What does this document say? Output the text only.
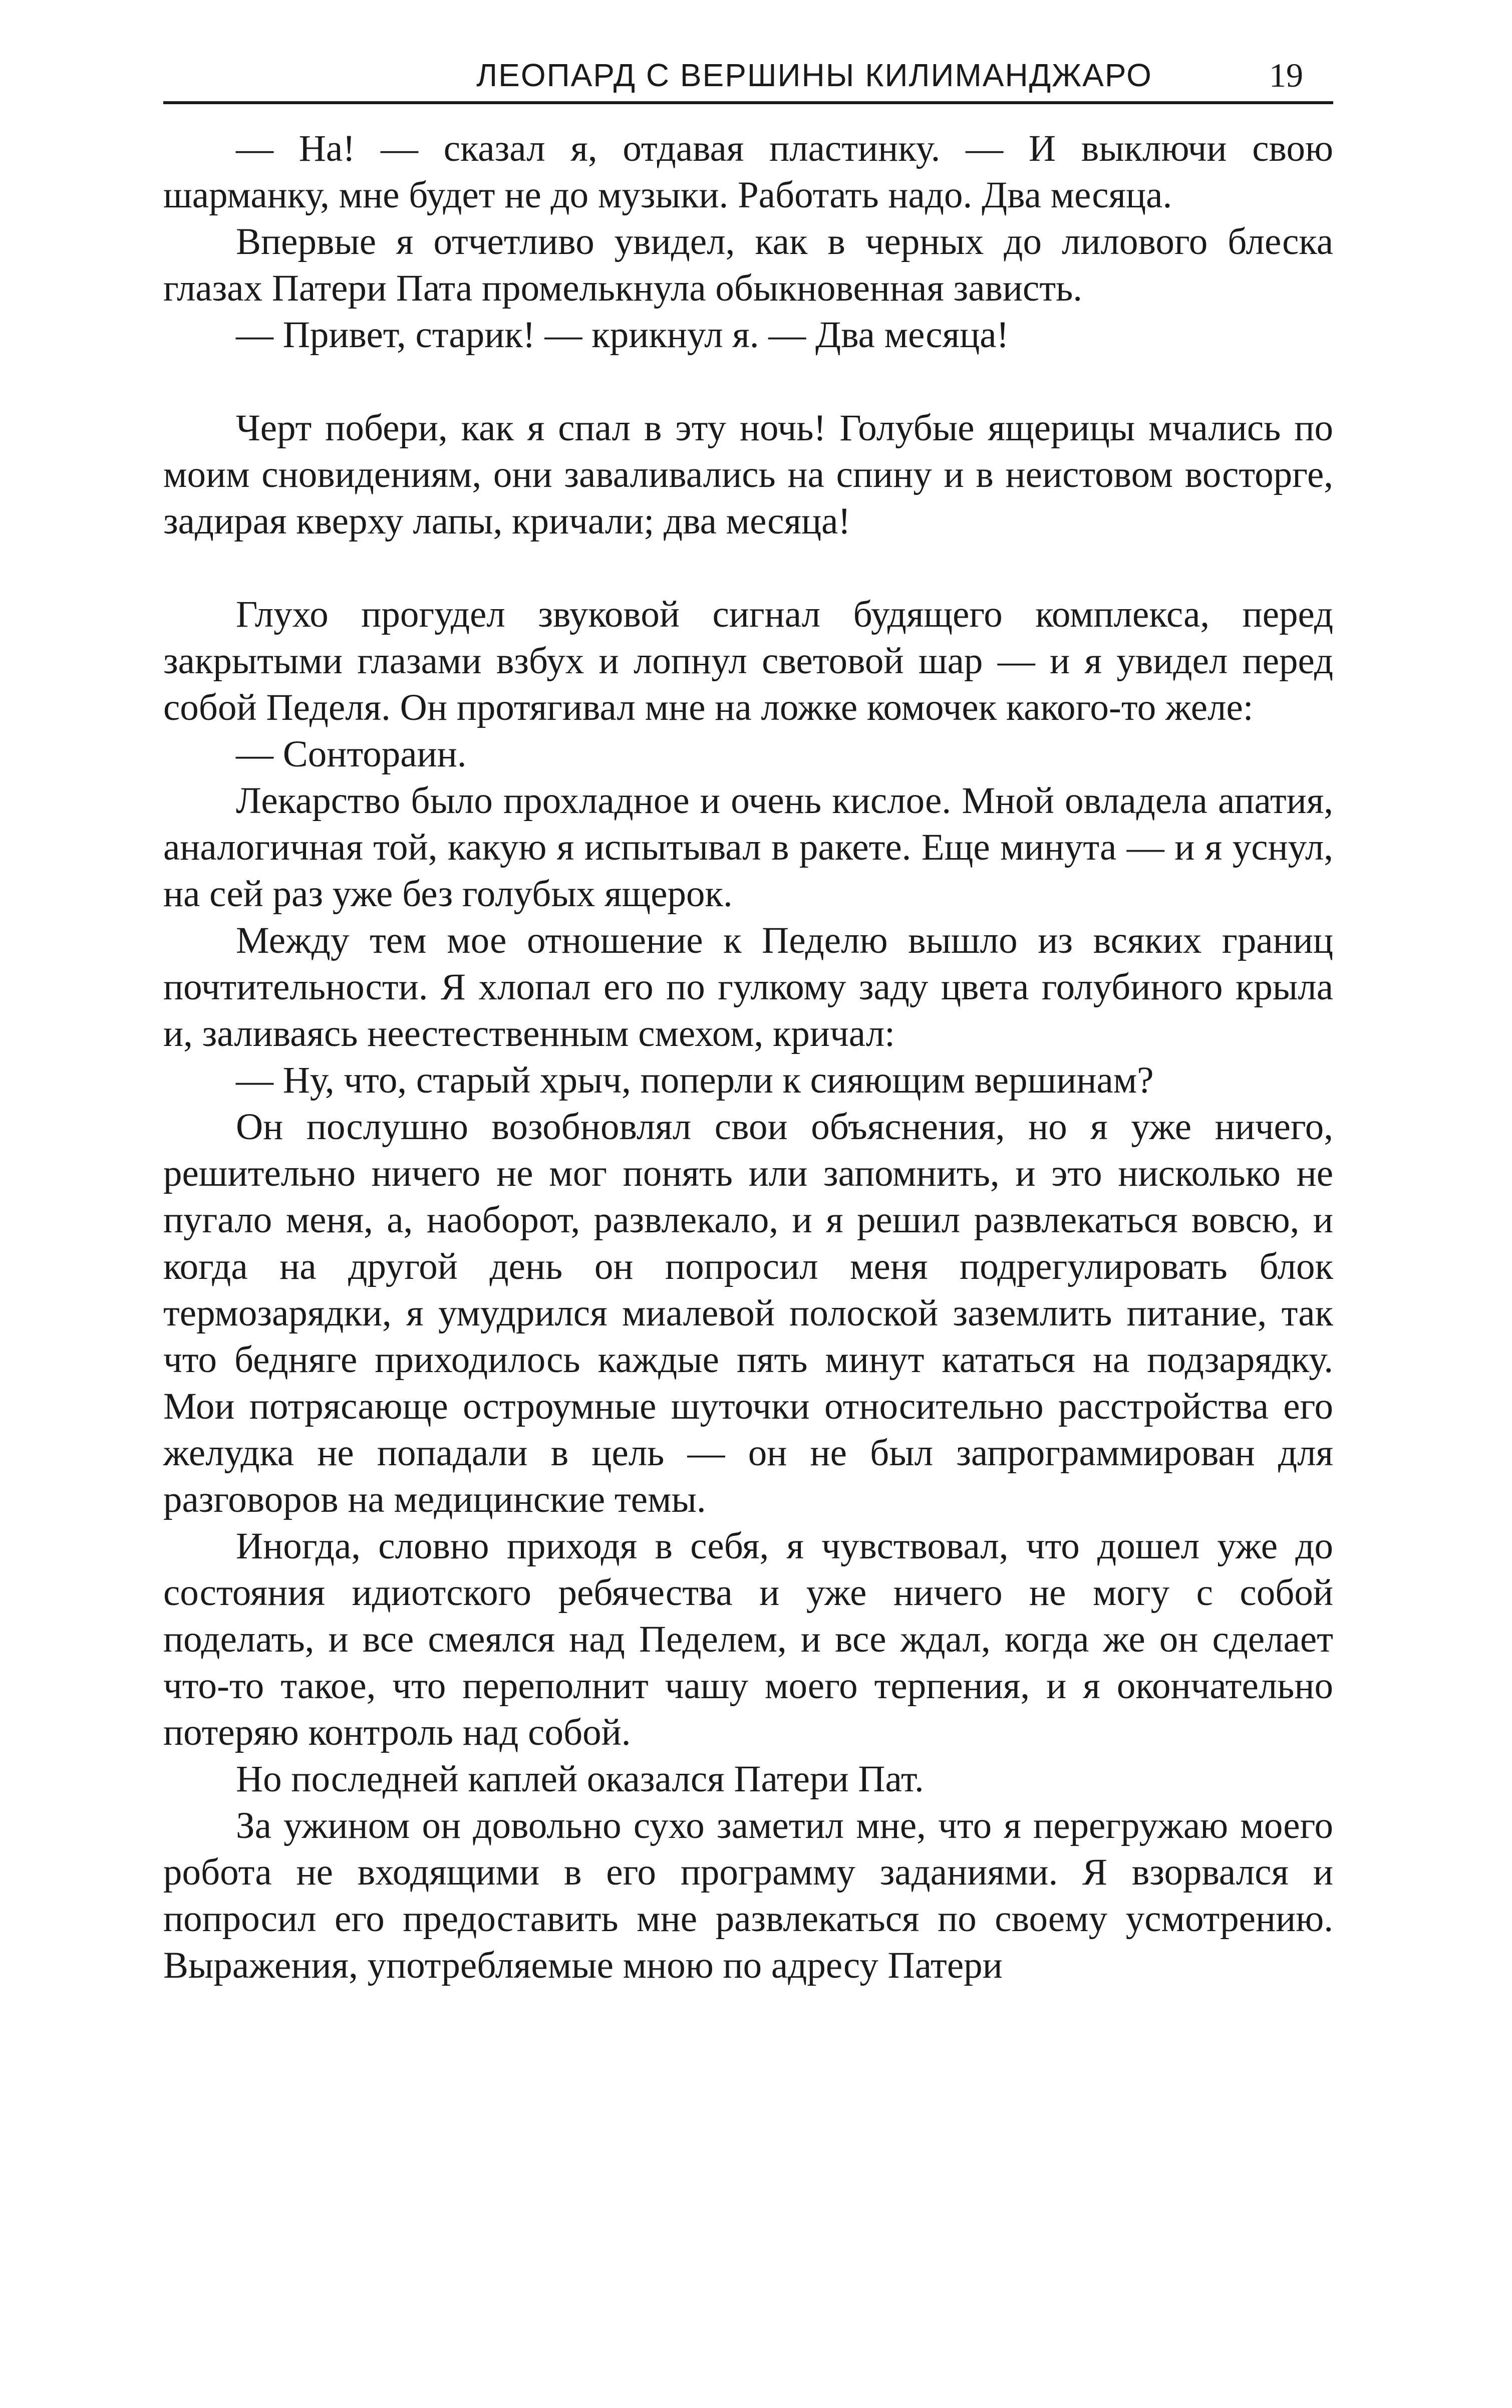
ЛЕОПАРД С ВЕРШИНЫ КИЛИМАНДЖАРО	19

— На! — сказал я, отдавая пластинку. — И выключи свою шарманку, мне будет не до музыки. Работать надо. Два месяца.

Впервые я отчетливо увидел, как в черных до лилового блеска глазах Патери Пата промелькнула обыкновенная зависть.

— Привет, старик! — крикнул я. — Два месяца!

Черт побери, как я спал в эту ночь! Голубые ящерицы мчались по моим сновидениям, они заваливались на спину и в неистовом восторге, задирая кверху лапы, кричали; два месяца!

Глухо прогудел звуковой сигнал будящего комплекса, перед закрытыми глазами взбух и лопнул световой шар — и я увидел перед собой Педеля. Он протягивал мне на ложке комочек какого-то желе:

— Сонтораин.

Лекарство было прохладное и очень кислое. Мной овладела апатия, аналогичная той, какую я испытывал в ракете. Еще минута — и я уснул, на сей раз уже без голубых ящерок.

Между тем мое отношение к Педелю вышло из всяких границ почтительности. Я хлопал его по гулкому заду цвета голубиного крыла и, заливаясь неестественным смехом, кричал:

— Ну, что, старый хрыч, поперли к сияющим вершинам?

Он послушно возобновлял свои объяснения, но я уже ничего, решительно ничего не мог понять или запомнить, и это нисколько не пугало меня, а, наоборот, развлекало, и я решил развлекаться вовсю, и когда на другой день он попросил меня подрегулировать блок термозарядки, я умудрился миалевой полоской заземлить питание, так что бедняге приходилось каждые пять минут кататься на подзарядку. Мои потрясающе остроумные шуточки относительно расстройства его желудка не попадали в цель — он не был запрограммирован для разговоров на медицинские темы.

Иногда, словно приходя в себя, я чувствовал, что дошел уже до состояния идиотского ребячества и уже ничего не могу с собой поделать, и все смеялся над Педелем, и все ждал, когда же он сделает что-то такое, что переполнит чашу моего терпения, и я окончательно потеряю контроль над собой.

Но последней каплей оказался Патери Пат.

За ужином он довольно сухо заметил мне, что я перегружаю моего робота не входящими в его программу заданиями. Я взорвался и попросил его предоставить мне развлекаться по своему усмотрению. Выражения, употребляемые мною по адресу Патери
